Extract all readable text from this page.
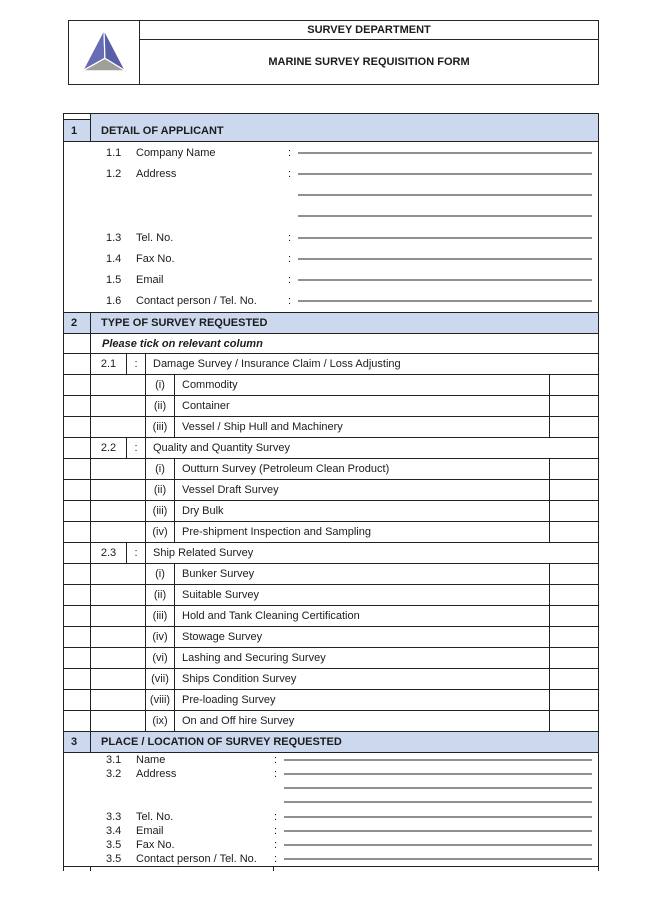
SURVEY DEPARTMENT
MARINE SURVEY REQUISITION FORM
1	DETAIL OF APPLICANT
1.1 Company Name	:
1.2 Address	:
1.3 Tel. No.	:
1.4 Fax No.	:
1.5 Email	:
1.6 Contact person / Tel. No.	:
2	TYPE OF SURVEY REQUESTED
Please tick on relevant column
2.1	:	Damage Survey / Insurance Claim / Loss Adjusting
(i)	Commodity
(ii)	Container
(iii)	Vessel / Ship Hull and Machinery
2.2	:	Quality and Quantity Survey
(i)	Outturn Survey (Petroleum Clean Product)
(ii)	Vessel Draft Survey
(iii)	Dry Bulk
(iv)	Pre-shipment Inspection and Sampling
2.3	:	Ship Related Survey
(i)	Bunker Survey
(ii)	Suitable Survey
(iii)	Hold and Tank Cleaning Certification
(iv)	Stowage Survey
(vi)	Lashing and Securing Survey
(vii)	Ships Condition Survey
(viii)	Pre-loading Survey
(ix)	On and Off hire Survey
3	PLACE / LOCATION OF SURVEY REQUESTED
3.1 Name	:
3.2 Address	:
3.3 Tel. No.	:
3.4 Email	:
3.5 Fax No.	:
3.5 Contact person / Tel. No. :
